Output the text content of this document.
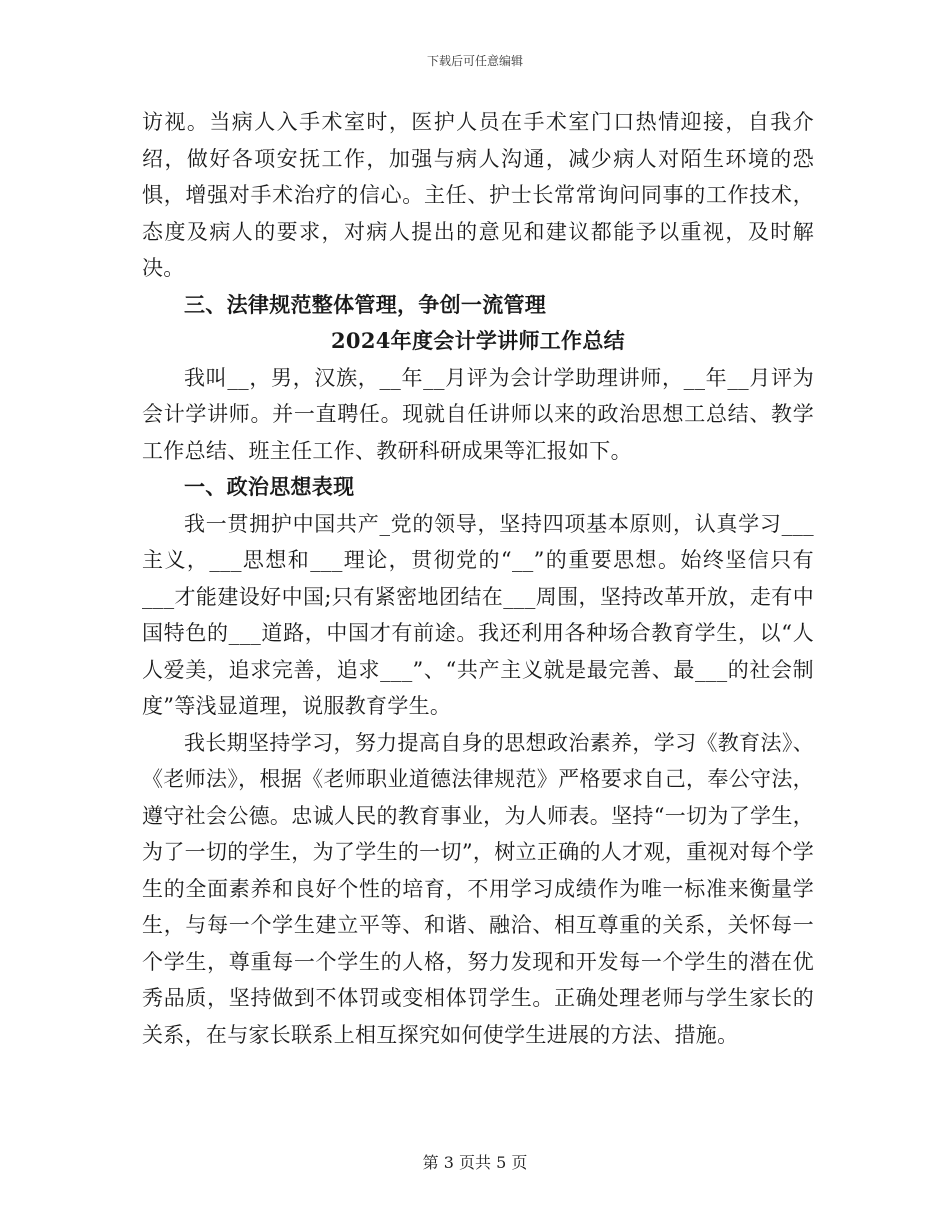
下载后可任意编辑

访视。当病人入手术室时，医护人员在手术室门口热情迎接，自我介绍，做好各项安抚工作，加强与病人沟通，减少病人对陌生环境的恐惧，增强对手术治疗的信心。主任、护士长常常询问同事的工作技术，态度及病人的要求，对病人提出的意见和建议都能予以重视，及时解决。

三、法律规范整体管理，争创一流管理

2024年度会计学讲师工作总结

我叫__，男，汉族，__年__月评为会计学助理讲师，__年__月评为会计学讲师。并一直聘任。现就自任讲师以来的政治思想工总结、教学工作总结、班主任工作、教研科研成果等汇报如下。

一、政治思想表现

我一贯拥护中国共产_党的领导，坚持四项基本原则，认真学习___主义，___思想和___理论，贯彻党的“__”的重要思想。始终坚信只有___才能建设好中国;只有紧密地团结在___周围，坚持改革开放，走有中国特色的___道路，中国才有前途。我还利用各种场合教育学生，以“人人爱美，追求完善，追求___”、“共产主义就是最完善、最___的社会制度”等浅显道理，说服教育学生。

我长期坚持学习，努力提高自身的思想政治素养，学习《教育法》、《老师法》，根据《老师职业道德法律规范》严格要求自己，奉公守法，遵守社会公德。忠诚人民的教育事业，为人师表。坚持“一切为了学生，为了一切的学生，为了学生的一切”，树立正确的人才观，重视对每个学生的全面素养和良好个性的培育，不用学习成绩作为唯一标准来衡量学生，与每一个学生建立平等、和谐、融洽、相互尊重的关系，关怀每一个学生，尊重每一个学生的人格，努力发现和开发每一个学生的潜在优秀品质，坚持做到不体罚或变相体罚学生。正确处理老师与学生家长的关系，在与家长联系上相互探究如何使学生进展的方法、措施。

第 3 页共 5 页
